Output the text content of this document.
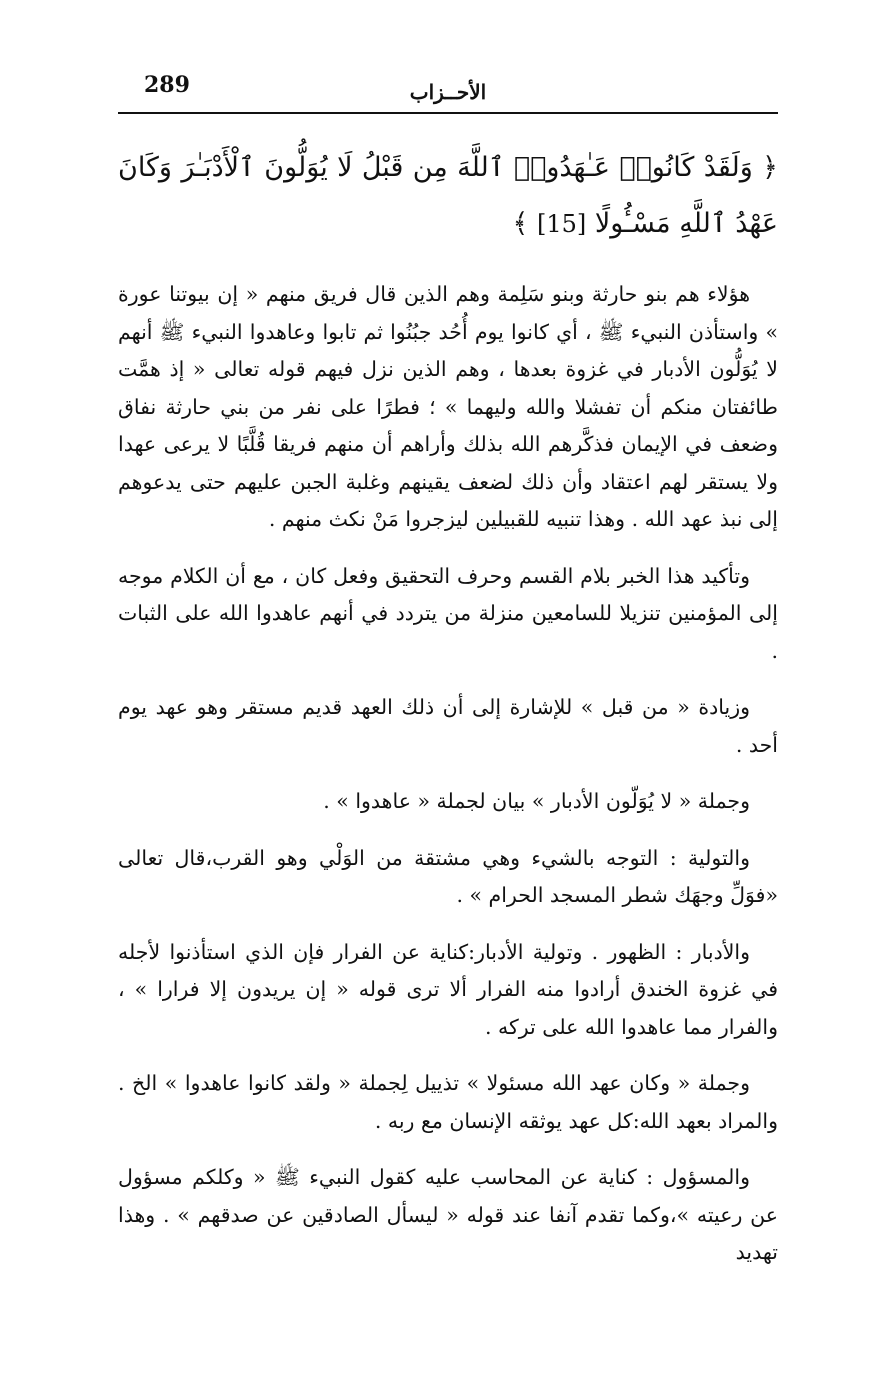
289	الأحــزاب
﴿ وَلَقَدْ كَانُوا۟ عَـٰهَدُوا۟ ٱللَّهَ مِن قَبْلُ لَا يُوَلُّونَ ٱلْأَدْبَـٰرَ وَكَانَ عَهْدُ ٱللَّهِ مَسْـُٔولًا [15] ﴾

هؤلاء هم بنو حارثة وبنو سَلِمة وهم الذين قال فريق منهم « إن بيوتنا عورة » واستأذن النبيء ﷺ ، أي كانوا يوم أُحُد جبُنُوا ثم تابوا وعاهدوا النبيء ﷺ أنهم لا يُوَلُّون الأدبار في غزوة بعدها ، وهم الذين نزل فيهم قوله تعالى « إذ همَّت طائفتان منكم أن تفشلا والله وليهما » ؛ فطرًا على نفر من بني حارثة نفاق وضعف في الإيمان فذكَّرهم الله بذلك وأراهم أن منهم فريقا قُلَّبًا لا يرعى عهدا ولا يستقر لهم اعتقاد وأن ذلك لضعف يقينهم وغلبة الجبن عليهم حتى يدعوهم إلى نبذ عهد الله . وهذا تنبيه للقبيلين ليزجروا مَنْ نكث منهم .

وتأكيد هذا الخبر بلام القسم وحرف التحقيق وفعل كان ، مع أن الكلام موجه إلى المؤمنين تنزيلا للسامعين منزلة من يتردد في أنهم عاهدوا الله على الثبات .

وزيادة « من قبل » للإشارة إلى أن ذلك العهد قديم مستقر وهو عهد يوم أحد .

وجملة « لا يُوَلّون الأدبار » بيان لجملة « عاهدوا » .

والتولية : التوجه بالشيء وهي مشتقة من الوَلْي وهو القرب،قال تعالى «فوَلِّ وجهَك شطر المسجد الحرام » .

والأدبار : الظهور . وتولية الأدبار:كناية عن الفرار فإن الذي استأذنوا لأجله في غزوة الخندق أرادوا منه الفرار ألا ترى قوله « إن يريدون إلا فرارا » ، والفرار مما عاهدوا الله على تركه .

وجملة « وكان عهد الله مسئولا » تذييل لِجملة « ولقد كانوا عاهدوا » الخ . والمراد بعهد الله:كل عهد يوثقه الإنسان مع ربه .

والمسؤول : كناية عن المحاسب عليه كقول النبيء ﷺ « وكلكم مسؤول عن رعيته »،وكما تقدم آنفا عند قوله « ليسأل الصادقين عن صدقهم » . وهذا تهديد
